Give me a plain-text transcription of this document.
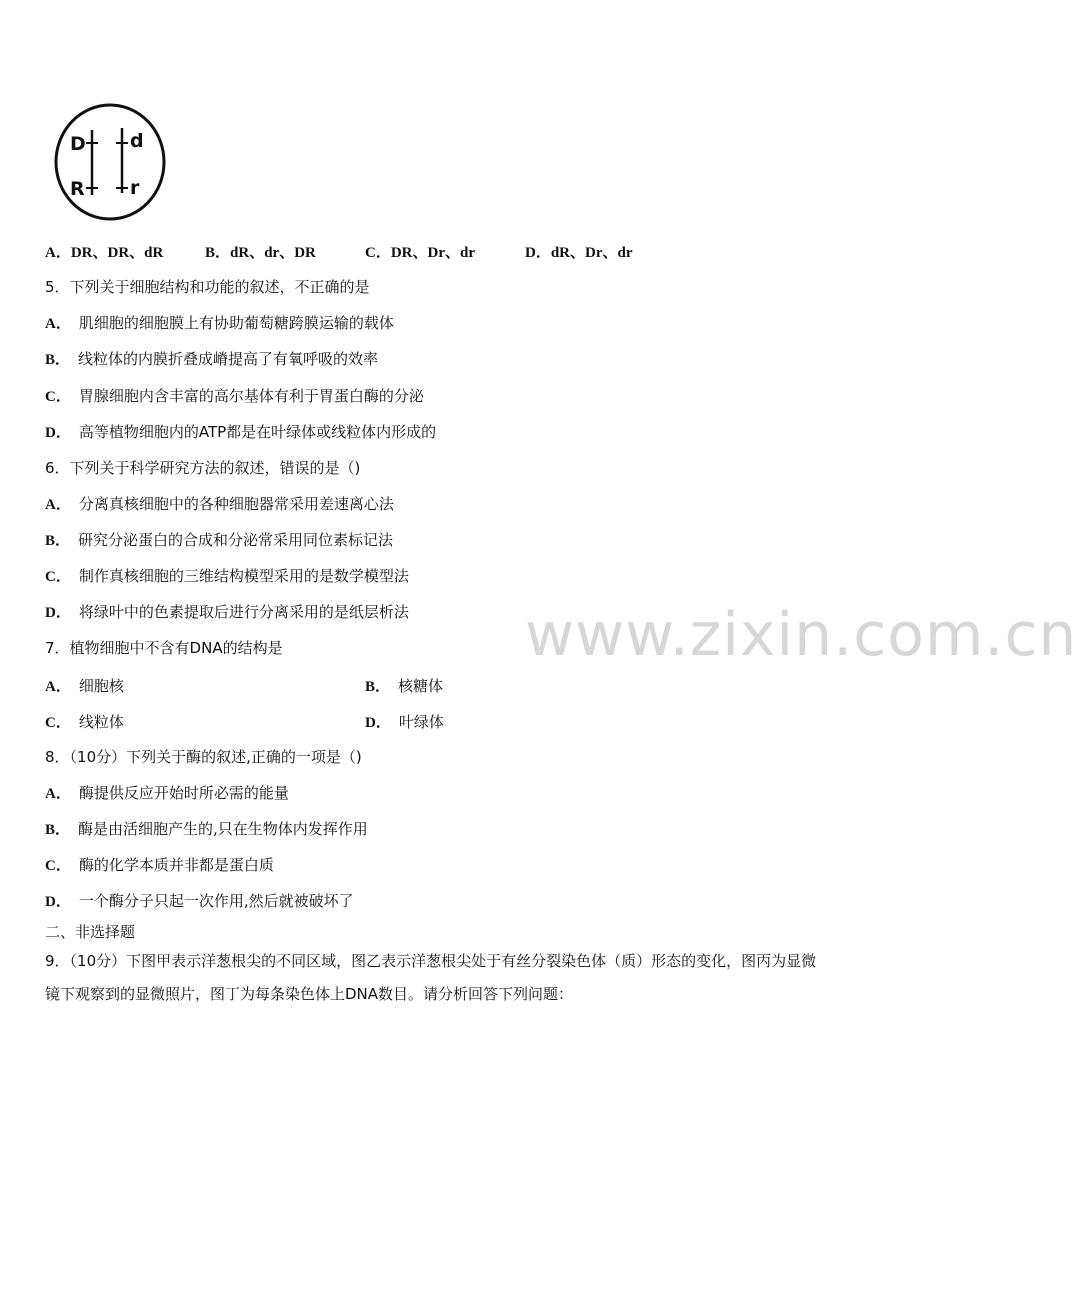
D
R
d
r
A．DR、DR、dR	B．dR、dr、DR	C．DR、Dr、dr	D．dR、Dr、dr
5．下列关于细胞结构和功能的叙述，不正确的是
A． 肌细胞的细胞膜上有协助葡萄糖跨膜运输的载体
B． 线粒体的内膜折叠成嵴提高了有氧呼吸的效率
C． 胃腺细胞内含丰富的高尔基体有利于胃蛋白酶的分泌
D． 高等植物细胞内的ATP都是在叶绿体或线粒体内形成的
6．下列关于科学研究方法的叙述，错误的是（)
A． 分离真核细胞中的各种细胞器常采用差速离心法
B． 研究分泌蛋白的合成和分泌常采用同位素标记法
C． 制作真核细胞的三维结构模型采用的是数学模型法
D． 将绿叶中的色素提取后进行分离采用的是纸层析法
7．植物细胞中不含有DNA的结构是
A． 细胞核	B． 核糖体
C． 线粒体	D． 叶绿体
8．（10分）下列关于酶的叙述,正确的一项是（)
A． 酶提供反应开始时所必需的能量
B． 酶是由活细胞产生的,只在生物体内发挥作用
C． 酶的化学本质并非都是蛋白质
D． 一个酶分子只起一次作用,然后就被破坏了
二、非选择题
9．（10分）下图甲表示洋葱根尖的不同区域，图乙表示洋葱根尖处于有丝分裂染色体（质）形态的变化，图丙为显微
镜下观察到的显微照片，图丁为每条染色体上DNA数目。请分析回答下列问题：
www.zixin.com.cn
